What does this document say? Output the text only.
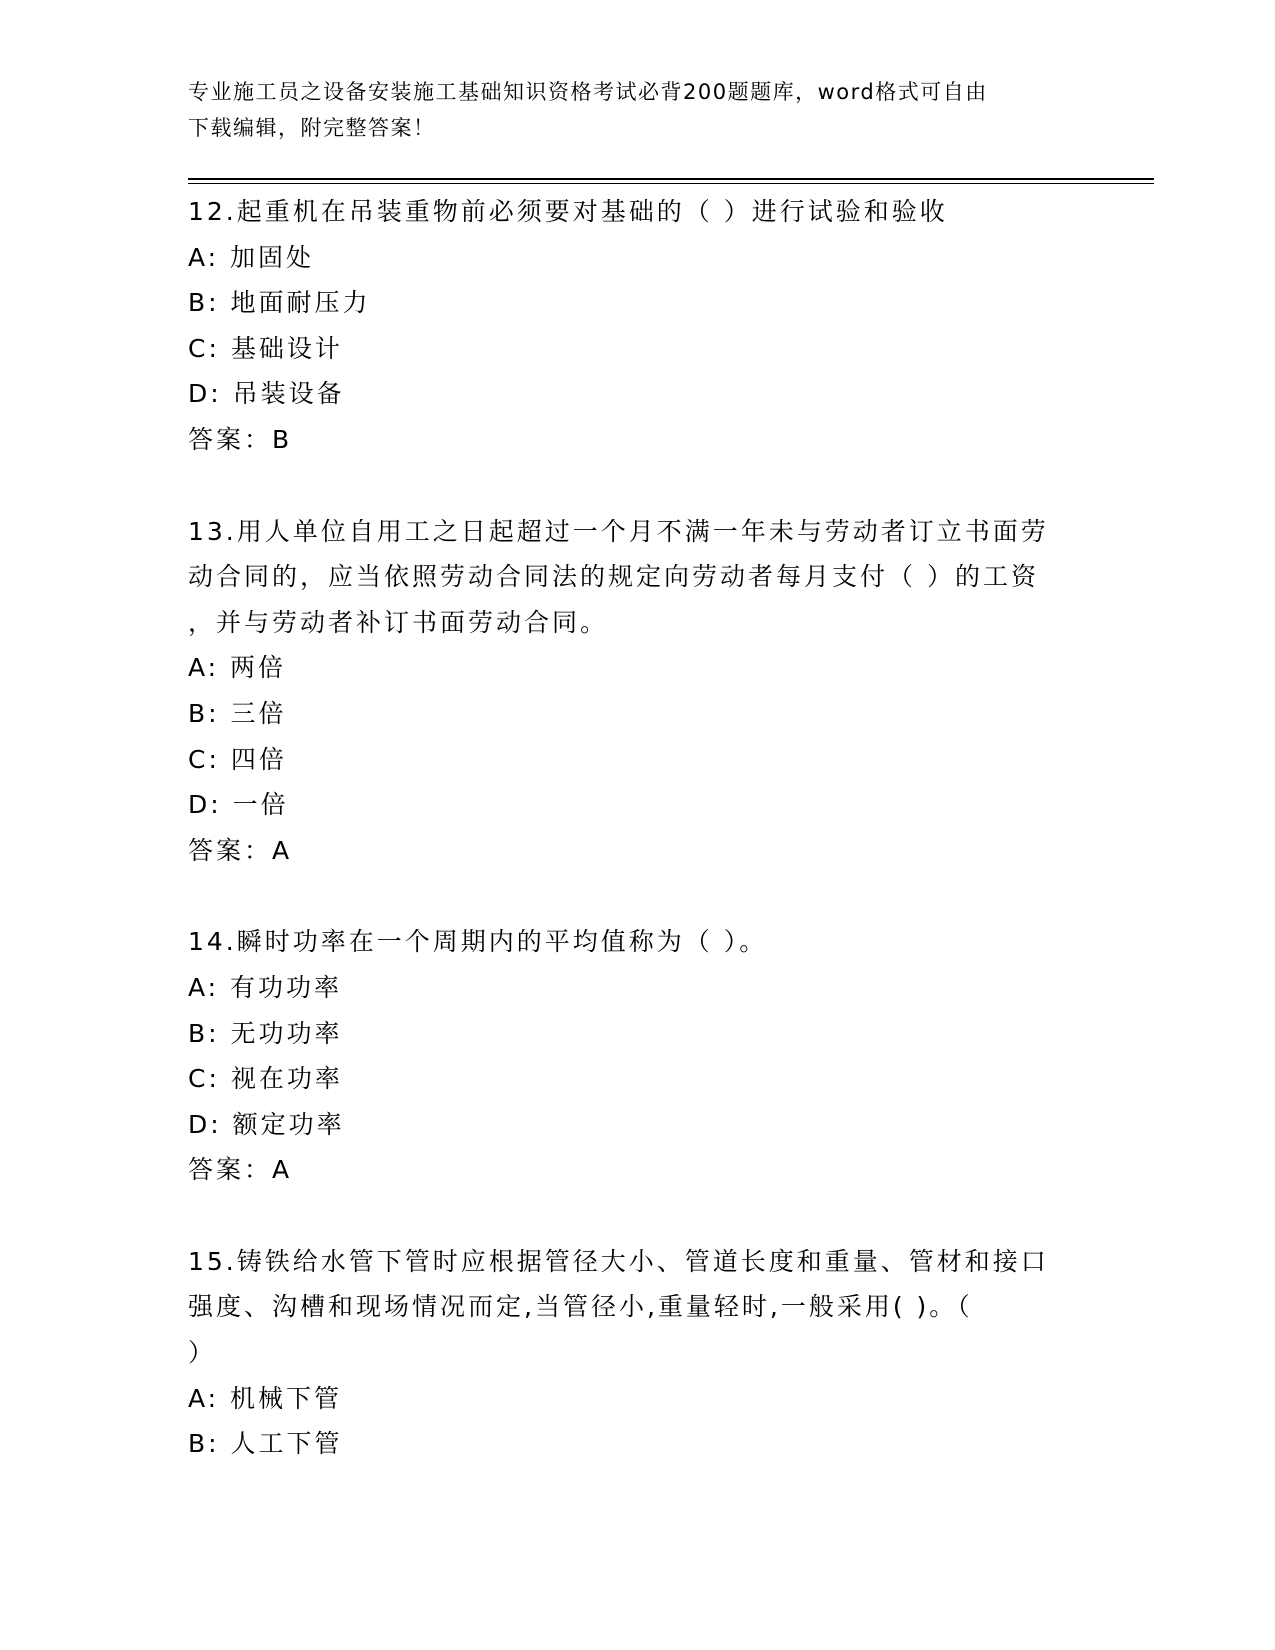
专业施工员之设备安装施工基础知识资格考试必背200题题库，word格式可自由
下载编辑，附完整答案！
12.起重机在吊装重物前必须要对基础的（ ）进行试验和验收
A: 加固处
B: 地面耐压力
C: 基础设计
D: 吊装设备
答案：B
13.用人单位自用工之日起超过一个月不满一年未与劳动者订立书面劳
动合同的，应当依照劳动合同法的规定向劳动者每月支付（ ）的工资
，并与劳动者补订书面劳动合同。
A: 两倍
B: 三倍
C: 四倍
D: 一倍
答案：A
14.瞬时功率在一个周期内的平均值称为（ ）。
A: 有功功率
B: 无功功率
C: 视在功率
D: 额定功率
答案：A
15.铸铁给水管下管时应根据管径大小、管道长度和重量、管材和接口
强度、沟槽和现场情况而定,当管径小,重量轻时,一般采用( )。（
）
A: 机械下管
B: 人工下管
